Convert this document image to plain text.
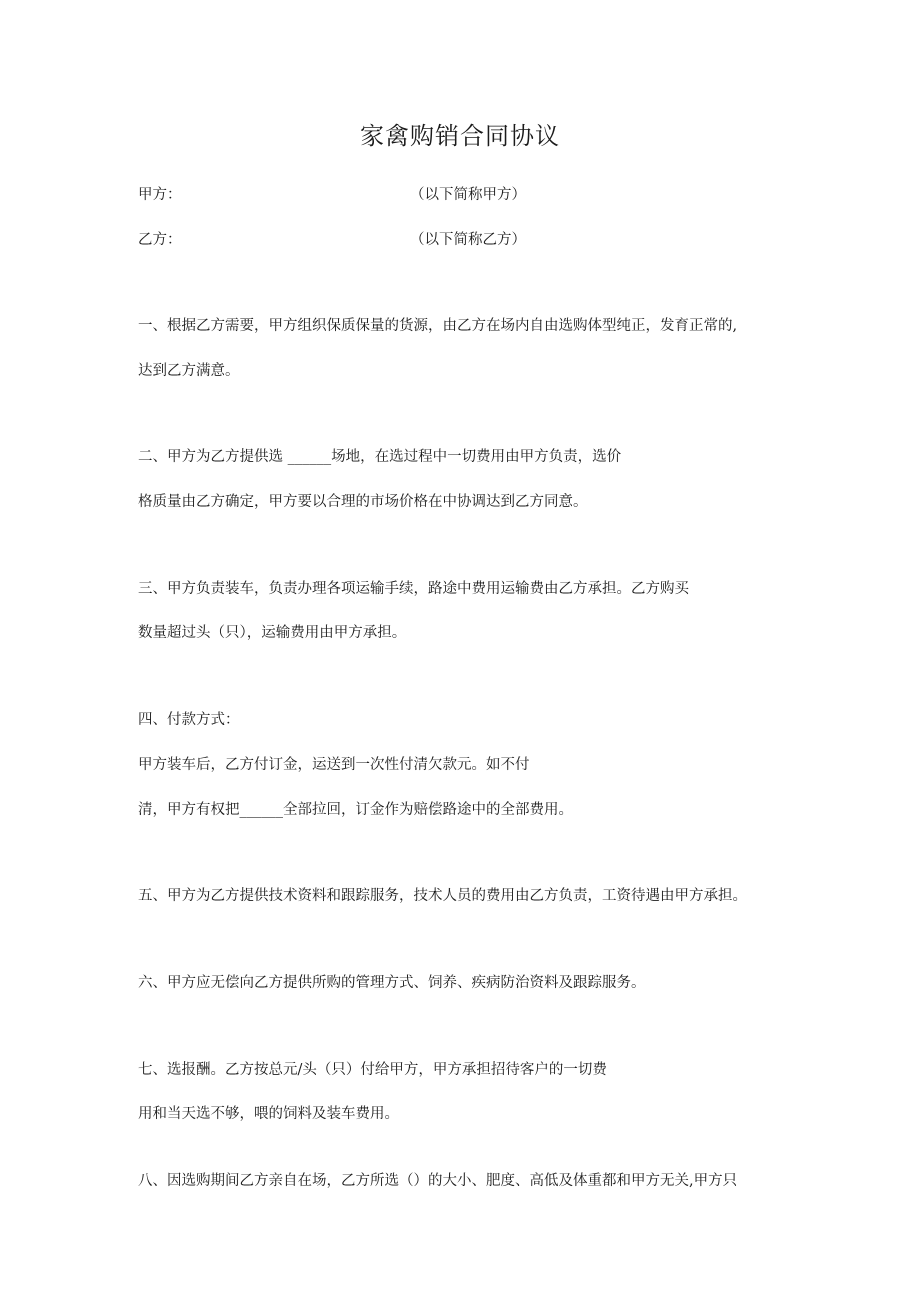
家禽购销合同协议
甲方：	（以下简称甲方）
乙方：	（以下简称乙方）
一、根据乙方需要，甲方组织保质保量的货源，由乙方在场内自由选购体型纯正，发育正常的,
达到乙方满意。
二、甲方为乙方提供选 ______场地，在选过程中一切费用由甲方负责，选价
格质量由乙方确定，甲方要以合理的市场价格在中协调达到乙方同意。
三、甲方负责装车，负责办理各项运输手续，路途中费用运输费由乙方承担。乙方购买
数量超过头（只），运输费用由甲方承担。
四、付款方式：
甲方装车后，乙方付订金，运送到一次性付清欠款元。如不付
清，甲方有权把______全部拉回，订金作为赔偿路途中的全部费用。
五、甲方为乙方提供技术资料和跟踪服务，技术人员的费用由乙方负责，工资待遇由甲方承担。
六、甲方应无偿向乙方提供所购的管理方式、饲养、疾病防治资料及跟踪服务。
七、选报酬。乙方按总元/头（只）付给甲方，甲方承担招待客户的一切费
用和当天选不够，喂的饲料及装车费用。
八、因选购期间乙方亲自在场，乙方所选（）的大小、肥度、高低及体重都和甲方无关,甲方只
